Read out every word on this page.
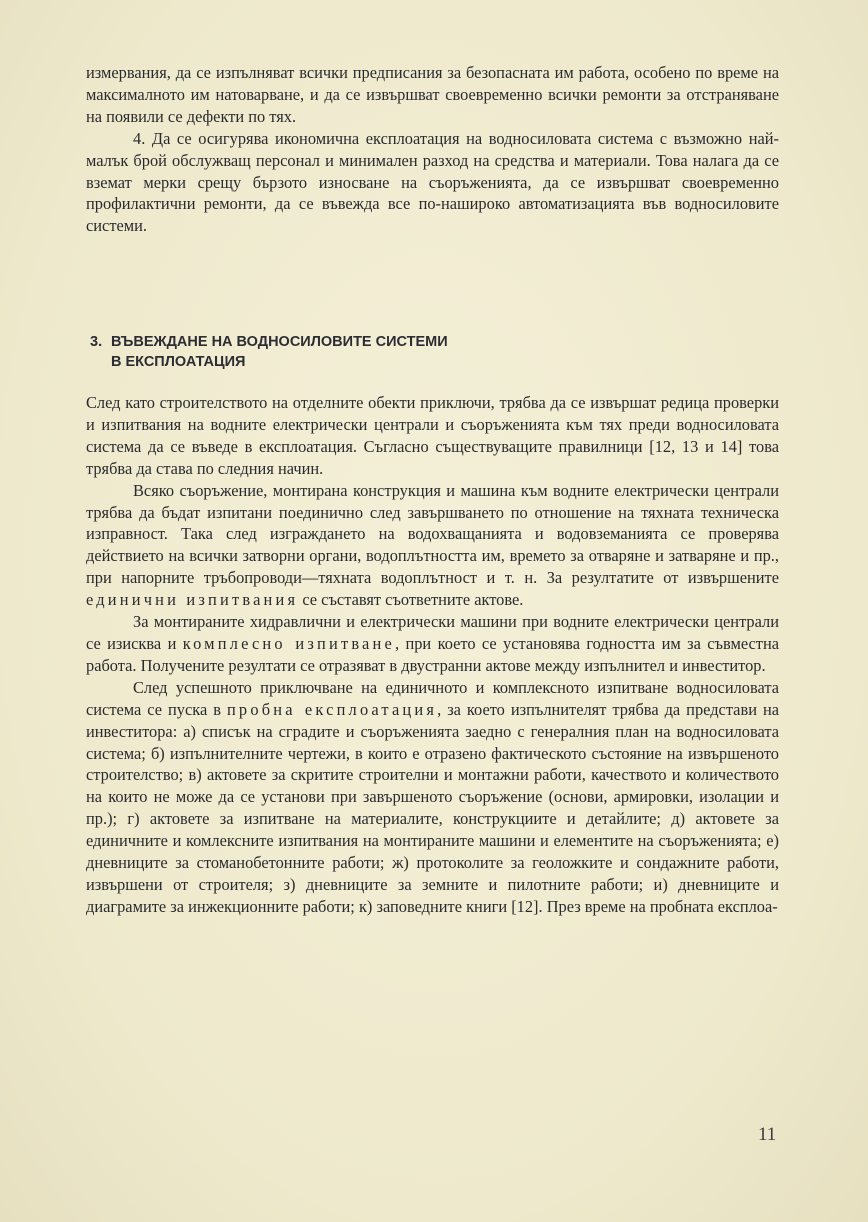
измервания, да се изпълняват всички предписания за безопасната им работа, особено по време на максималното им натоварване, и да се извършват своевременно всички ремонти за отстраняване на появили се дефекти по тях.

4. Да се осигурява икономична експлоатация на водносиловата система с възможно най-малък брой обслужващ персонал и минимален разход на средства и материали. Това налага да се вземат мерки срещу бързото износване на съоръженията, да се извършват своевременно профилактични ремонти, да се въвежда все по-нашироко автоматизацията във водносиловите системи.

3. ВЪВЕЖДАНЕ НА ВОДНОСИЛОВИТЕ СИСТЕМИ
В ЕКСПЛОАТАЦИЯ

След като строителството на отделните обекти приключи, трябва да се извършат редица проверки и изпитвания на водните електрически централи и съоръженията към тях преди водносиловата система да се въведе в експлоатация. Съгласно съществуващите правилници [12, 13 и 14] това трябва да става по следния начин.

Всяко съоръжение, монтирана конструкция и машина към водните електрически централи трябва да бъдат изпитани поединично след завършването по отношение на тяхната техническа изправност. Така след изграждането на водохващанията и водовземанията се проверява действието на всички затворни органи, водоплътността им, времето за отваряне и затваряне и пр., при напорните тръбопроводи—тяхната водоплътност и т. н. За резултатите от извършените единични изпитвания се съставят съответните актове.

За монтираните хидравлични и електрически машини при водните електрически централи се изисква и комплесно изпитване, при което се установява годността им за съвместна работа. Получените резултати се отразяват в двустранни актове между изпълнител и инвеститор.

След успешното приключване на единичното и комплексното изпитване водносиловата система се пуска в пробна експлоатация, за което изпълнителят трябва да представи на инвеститора: а) списък на сградите и съоръженията заедно с генералния план на водносиловата система; б) изпълнителните чертежи, в които е отразено фактическото състояние на извършеното строителство; в) актовете за скритите строителни и монтажни работи, качеството и количеството на които не може да се установи при завършеното съоръжение (основи, армировки, изолации и пр.); г) актовете за изпитване на материалите, конструкциите и детайлите; д) актовете за единичните и комлексните изпитвания на монтираните машини и елементите на съоръженията; е) дневниците за стоманобетонните работи; ж) протоколите за геоложките и сондажните работи, извършени от строителя; з) дневниците за земните и пилотните работи; и) дневниците и диаграмите за инжекционните работи; к) заповедните книги [12]. През време на пробната експлоа-

11
